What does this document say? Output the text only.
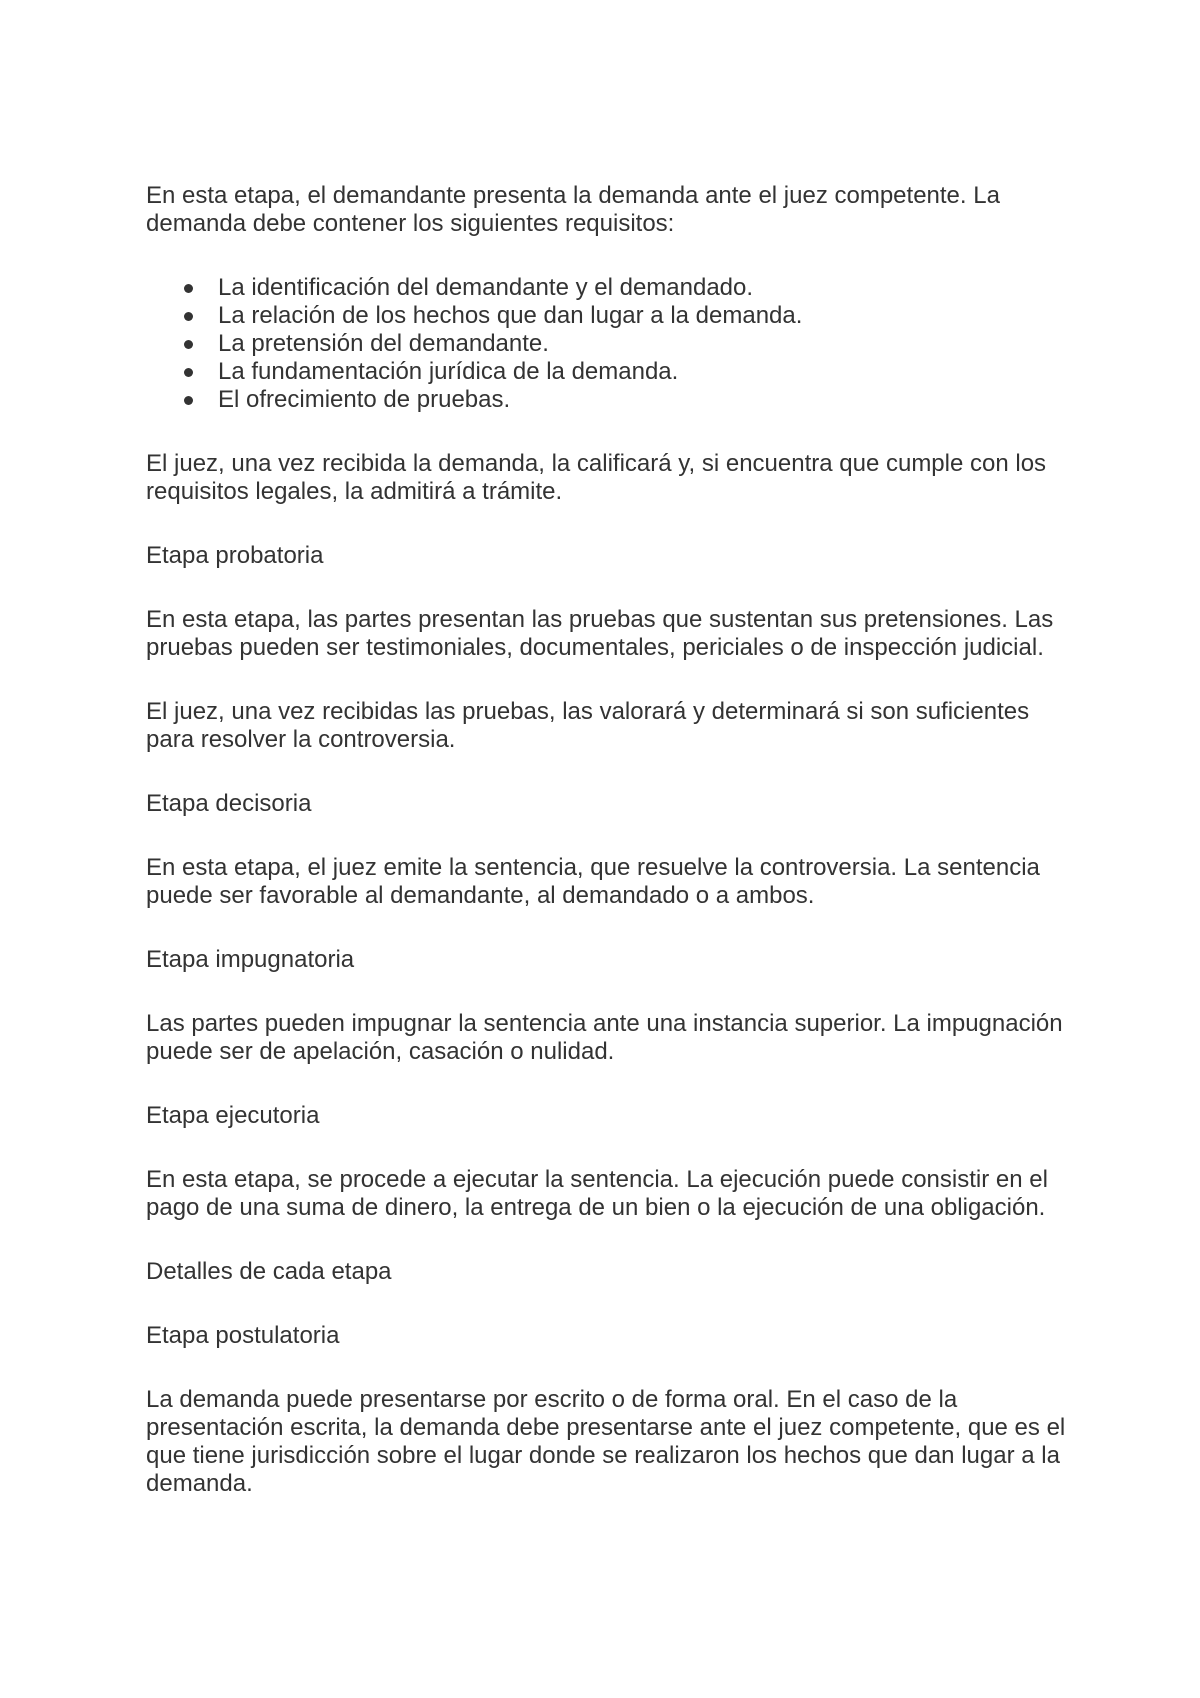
En esta etapa, el demandante presenta la demanda ante el juez competente. La demanda debe contener los siguientes requisitos:

La identificación del demandante y el demandado.
La relación de los hechos que dan lugar a la demanda.
La pretensión del demandante.
La fundamentación jurídica de la demanda.
El ofrecimiento de pruebas.

El juez, una vez recibida la demanda, la calificará y, si encuentra que cumple con los requisitos legales, la admitirá a trámite.

Etapa probatoria

En esta etapa, las partes presentan las pruebas que sustentan sus pretensiones. Las pruebas pueden ser testimoniales, documentales, periciales o de inspección judicial.

El juez, una vez recibidas las pruebas, las valorará y determinará si son suficientes para resolver la controversia.

Etapa decisoria

En esta etapa, el juez emite la sentencia, que resuelve la controversia. La sentencia puede ser favorable al demandante, al demandado o a ambos.

Etapa impugnatoria

Las partes pueden impugnar la sentencia ante una instancia superior. La impugnación puede ser de apelación, casación o nulidad.

Etapa ejecutoria

En esta etapa, se procede a ejecutar la sentencia. La ejecución puede consistir en el pago de una suma de dinero, la entrega de un bien o la ejecución de una obligación.

Detalles de cada etapa

Etapa postulatoria

La demanda puede presentarse por escrito o de forma oral. En el caso de la presentación escrita, la demanda debe presentarse ante el juez competente, que es el que tiene jurisdicción sobre el lugar donde se realizaron los hechos que dan lugar a la demanda.
